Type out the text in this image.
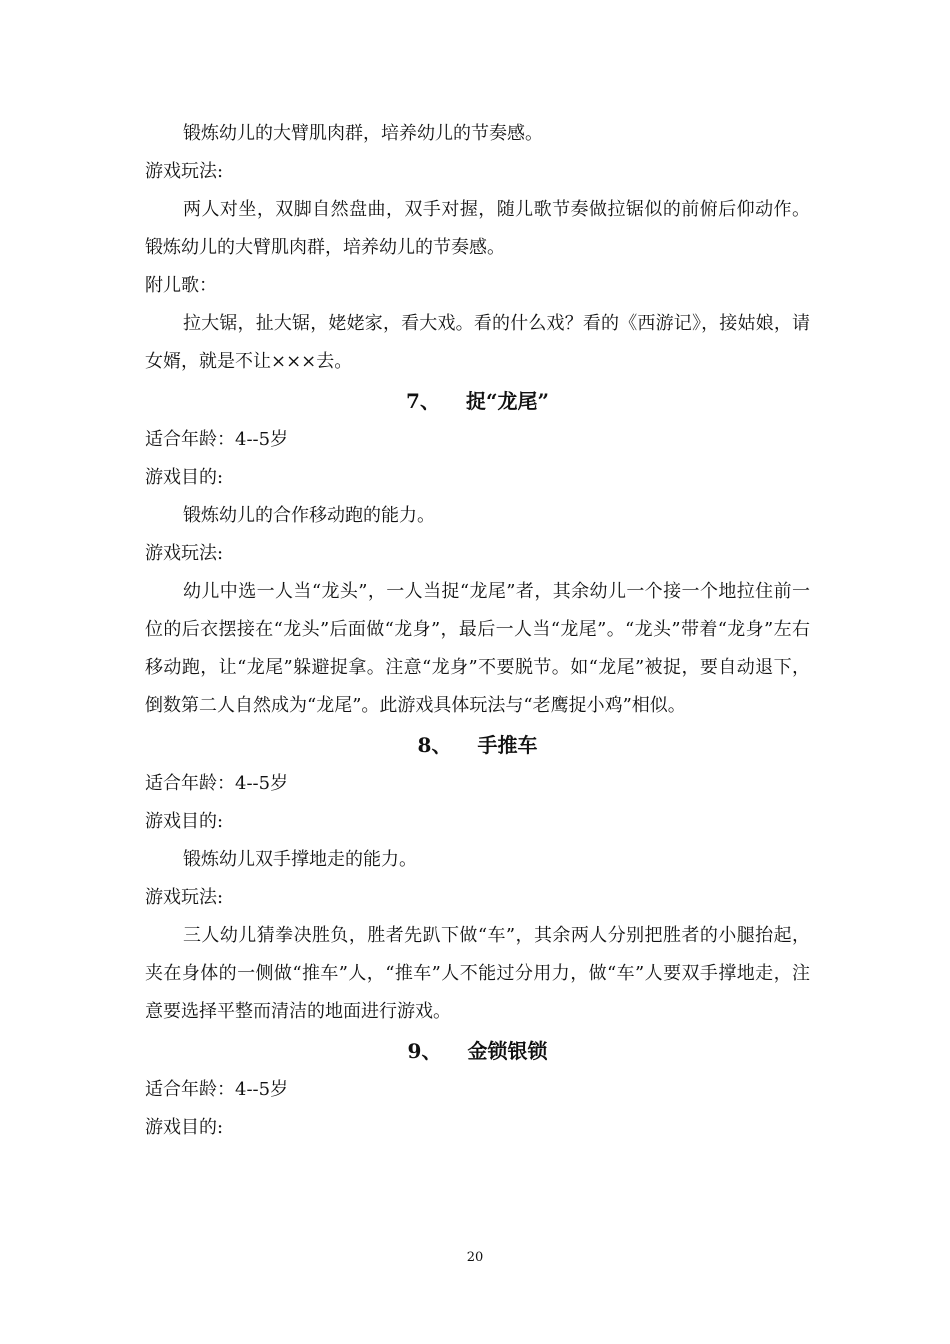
锻炼幼儿的大臂肌肉群，培养幼儿的节奏感。

游戏玩法:

两人对坐，双脚自然盘曲，双手对握，随儿歌节奏做拉锯似的前俯后仰动作。锻炼幼儿的大臂肌肉群，培养幼儿的节奏感。

附儿歌：

拉大锯，扯大锯，姥姥家，看大戏。看的什么戏？看的《西游记》，接姑娘，请女婿，就是不让×××去。

7、 捉“龙尾”

适合年龄：4--5岁

游戏目的:

锻炼幼儿的合作移动跑的能力。

游戏玩法:

幼儿中选一人当“龙头”，一人当捉“龙尾”者，其余幼儿一个接一个地拉住前一位的后衣摆接在“龙头”后面做“龙身”，最后一人当“龙尾”。“龙头”带着“龙身”左右移动跑，让“龙尾”躲避捉拿。注意“龙身”不要脱节。如“龙尾”被捉，要自动退下，倒数第二人自然成为“龙尾”。此游戏具体玩法与“老鹰捉小鸡”相似。

8、 手推车

适合年龄：4--5岁

游戏目的:

锻炼幼儿双手撑地走的能力。

游戏玩法:

三人幼儿猜拳决胜负，胜者先趴下做“车”，其余两人分别把胜者的小腿抬起，夹在身体的一侧做“推车”人，“推车”人不能过分用力，做“车”人要双手撑地走，注意要选择平整而清洁的地面进行游戏。

9、 金锁银锁

适合年龄：4--5岁

游戏目的:

20
